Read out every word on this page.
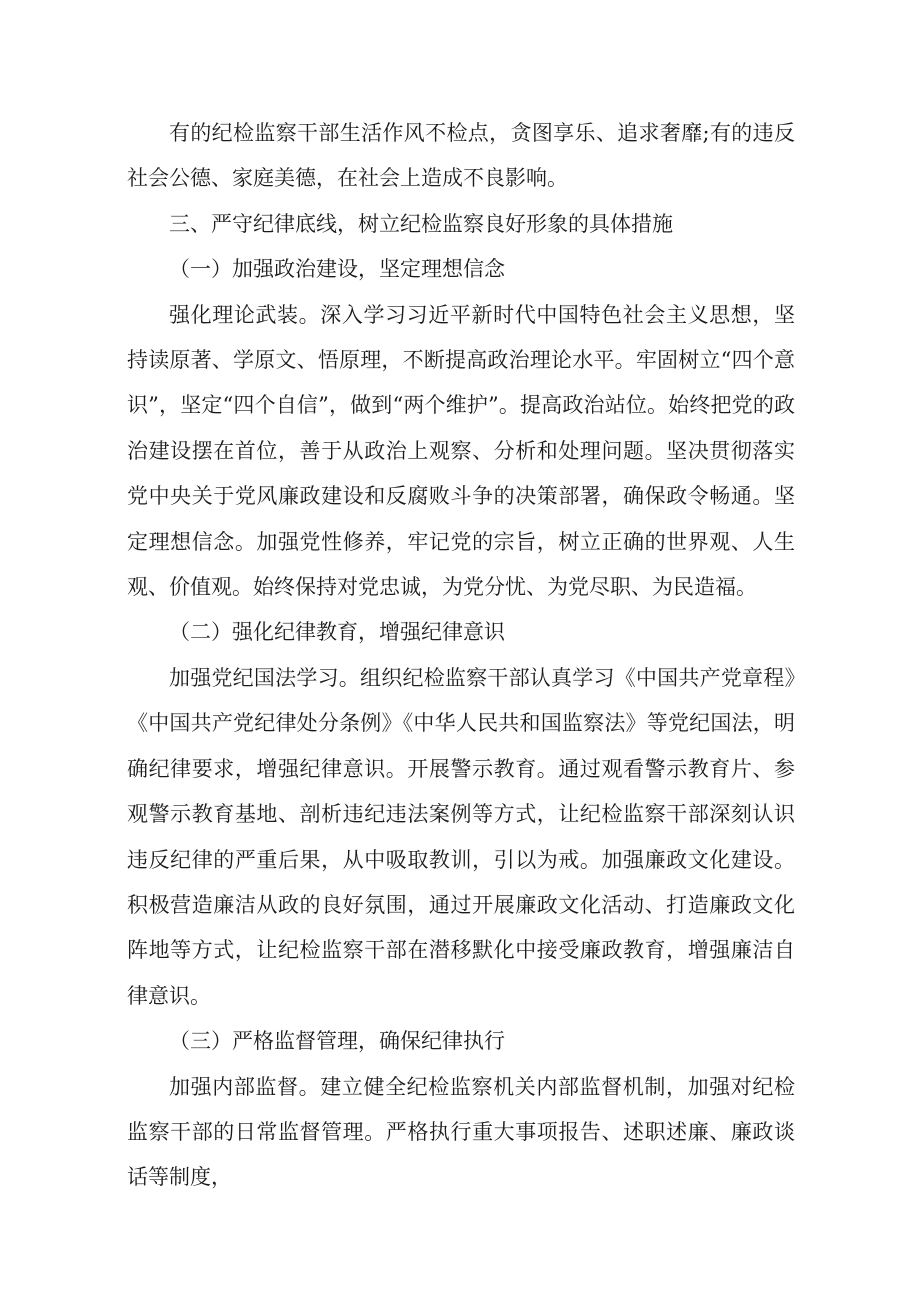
有的纪检监察干部生活作风不检点，贪图享乐、追求奢靡;有的违反社会公德、家庭美德，在社会上造成不良影响。

三、严守纪律底线，树立纪检监察良好形象的具体措施

（一）加强政治建设，坚定理想信念

强化理论武装。深入学习习近平新时代中国特色社会主义思想，坚持读原著、学原文、悟原理，不断提高政治理论水平。牢固树立“四个意识”，坚定“四个自信”，做到“两个维护”。提高政治站位。始终把党的政治建设摆在首位，善于从政治上观察、分析和处理问题。坚决贯彻落实党中央关于党风廉政建设和反腐败斗争的决策部署，确保政令畅通。坚定理想信念。加强党性修养，牢记党的宗旨，树立正确的世界观、人生观、价值观。始终保持对党忠诚，为党分忧、为党尽职、为民造福。

（二）强化纪律教育，增强纪律意识

加强党纪国法学习。组织纪检监察干部认真学习《中国共产党章程》《中国共产党纪律处分条例》《中华人民共和国监察法》等党纪国法，明确纪律要求，增强纪律意识。开展警示教育。通过观看警示教育片、参观警示教育基地、剖析违纪违法案例等方式，让纪检监察干部深刻认识违反纪律的严重后果，从中吸取教训，引以为戒。加强廉政文化建设。积极营造廉洁从政的良好氛围，通过开展廉政文化活动、打造廉政文化阵地等方式，让纪检监察干部在潜移默化中接受廉政教育，增强廉洁自律意识。

（三）严格监督管理，确保纪律执行

加强内部监督。建立健全纪检监察机关内部监督机制，加强对纪检监察干部的日常监督管理。严格执行重大事项报告、述职述廉、廉政谈话等制度，
